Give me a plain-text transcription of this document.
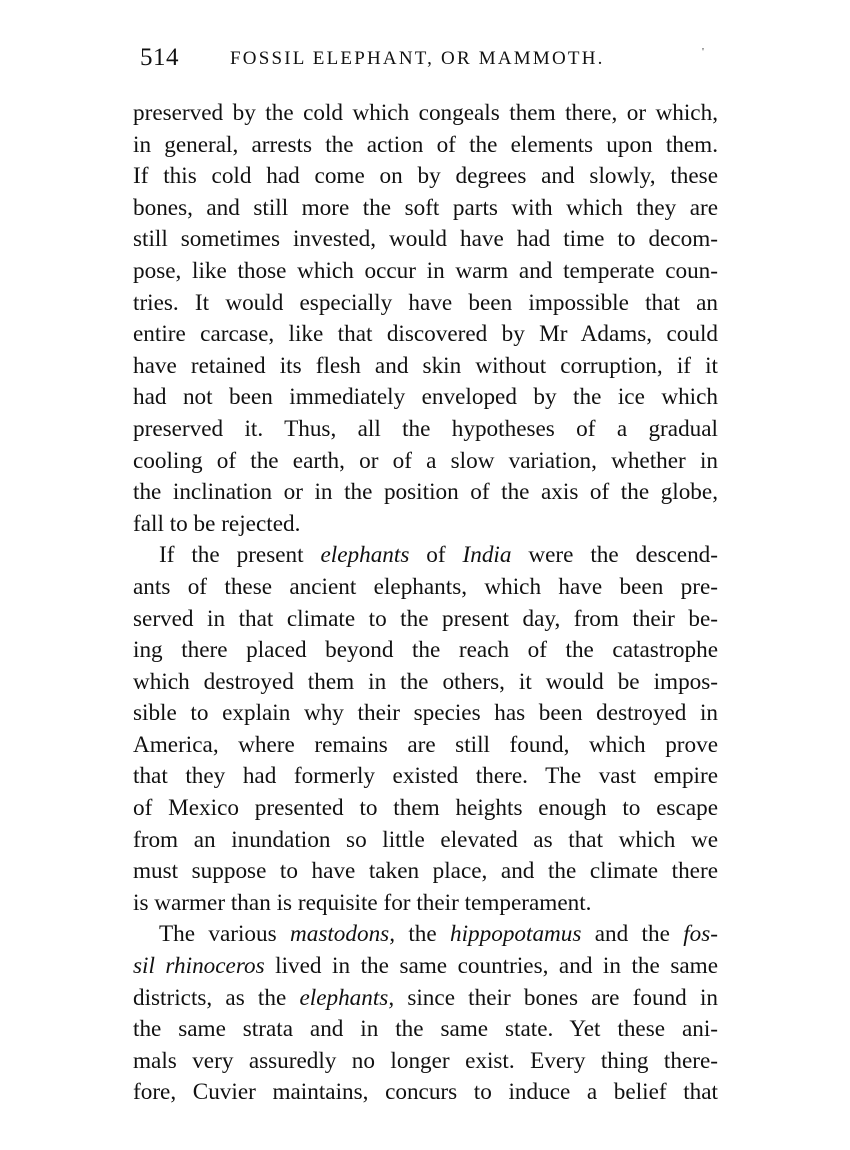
514	FOSSIL ELEPHANT, OR MAMMOTH.	'
preserved by the cold which congeals them there, or which,
in general, arrests the action of the elements upon them.
If this cold had come on by degrees and slowly, these
bones, and still more the soft parts with which they are
still sometimes invested, would have had time to decom-
pose, like those which occur in warm and temperate coun-
tries. It would especially have been impossible that an
entire carcase, like that discovered by Mr Adams, could
have retained its flesh and skin without corruption, if it
had not been immediately enveloped by the ice which
preserved it. Thus, all the hypotheses of a gradual
cooling of the earth, or of a slow variation, whether in
the inclination or in the position of the axis of the globe,
fall to be rejected.
If the present elephants of India were the descend-
ants of these ancient elephants, which have been pre-
served in that climate to the present day, from their be-
ing there placed beyond the reach of the catastrophe
which destroyed them in the others, it would be impos-
sible to explain why their species has been destroyed in
America, where remains are still found, which prove
that they had formerly existed there. The vast empire
of Mexico presented to them heights enough to escape
from an inundation so little elevated as that which we
must suppose to have taken place, and the climate there
is warmer than is requisite for their temperament.
The various mastodons, the hippopotamus and the fos-
sil rhinoceros lived in the same countries, and in the same
districts, as the elephants, since their bones are found in
the same strata and in the same state. Yet these ani-
mals very assuredly no longer exist. Every thing there-
fore, Cuvier maintains, concurs to induce a belief that
